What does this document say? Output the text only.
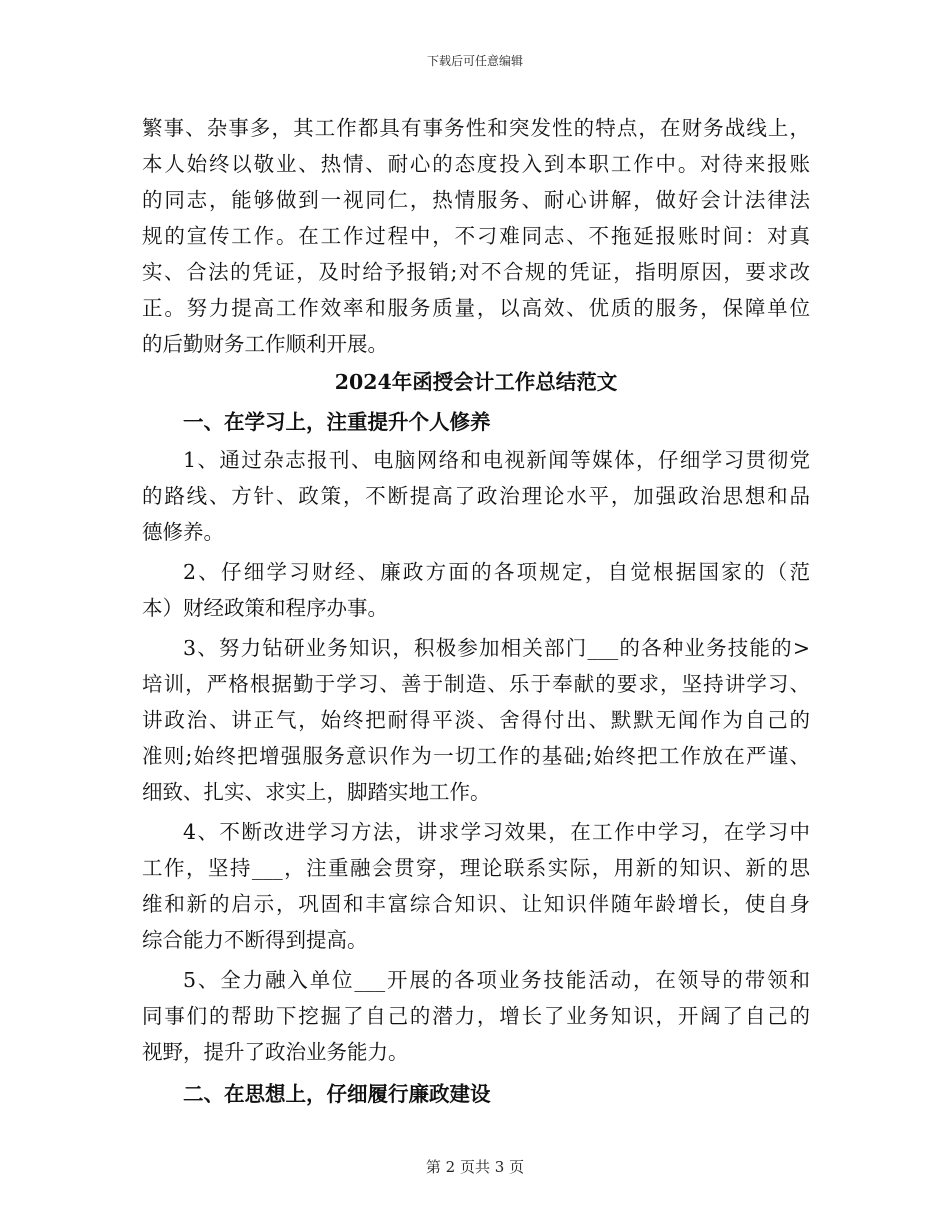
下载后可任意编辑
繁事、杂事多，其工作都具有事务性和突发性的特点，在财务战线上，
本人始终以敬业、热情、耐心的态度投入到本职工作中。对待来报账
的同志，能够做到一视同仁，热情服务、耐心讲解，做好会计法律法
规的宣传工作。在工作过程中，不刁难同志、不拖延报账时间：对真
实、合法的凭证，及时给予报销;对不合规的凭证，指明原因，要求改
正。努力提高工作效率和服务质量，以高效、优质的服务，保障单位
的后勤财务工作顺利开展。
2024年函授会计工作总结范文
一、在学习上，注重提升个人修养
1、通过杂志报刊、电脑网络和电视新闻等媒体，仔细学习贯彻党
的路线、方针、政策，不断提高了政治理论水平，加强政治思想和品
德修养。
2、仔细学习财经、廉政方面的各项规定，自觉根据国家的（范
本）财经政策和程序办事。
3、努力钻研业务知识，积极参加相关部门___的各种业务技能的>
培训，严格根据勤于学习、善于制造、乐于奉献的要求，坚持讲学习、
讲政治、讲正气，始终把耐得平淡、舍得付出、默默无闻作为自己的
准则;始终把增强服务意识作为一切工作的基础;始终把工作放在严谨、
细致、扎实、求实上，脚踏实地工作。
4、不断改进学习方法，讲求学习效果，在工作中学习，在学习中
工作，坚持___，注重融会贯穿，理论联系实际，用新的知识、新的思
维和新的启示，巩固和丰富综合知识、让知识伴随年龄增长，使自身
综合能力不断得到提高。
5、全力融入单位___开展的各项业务技能活动，在领导的带领和
同事们的帮助下挖掘了自己的潜力，增长了业务知识，开阔了自己的
视野，提升了政治业务能力。
二、在思想上，仔细履行廉政建设
第 2 页共 3 页
